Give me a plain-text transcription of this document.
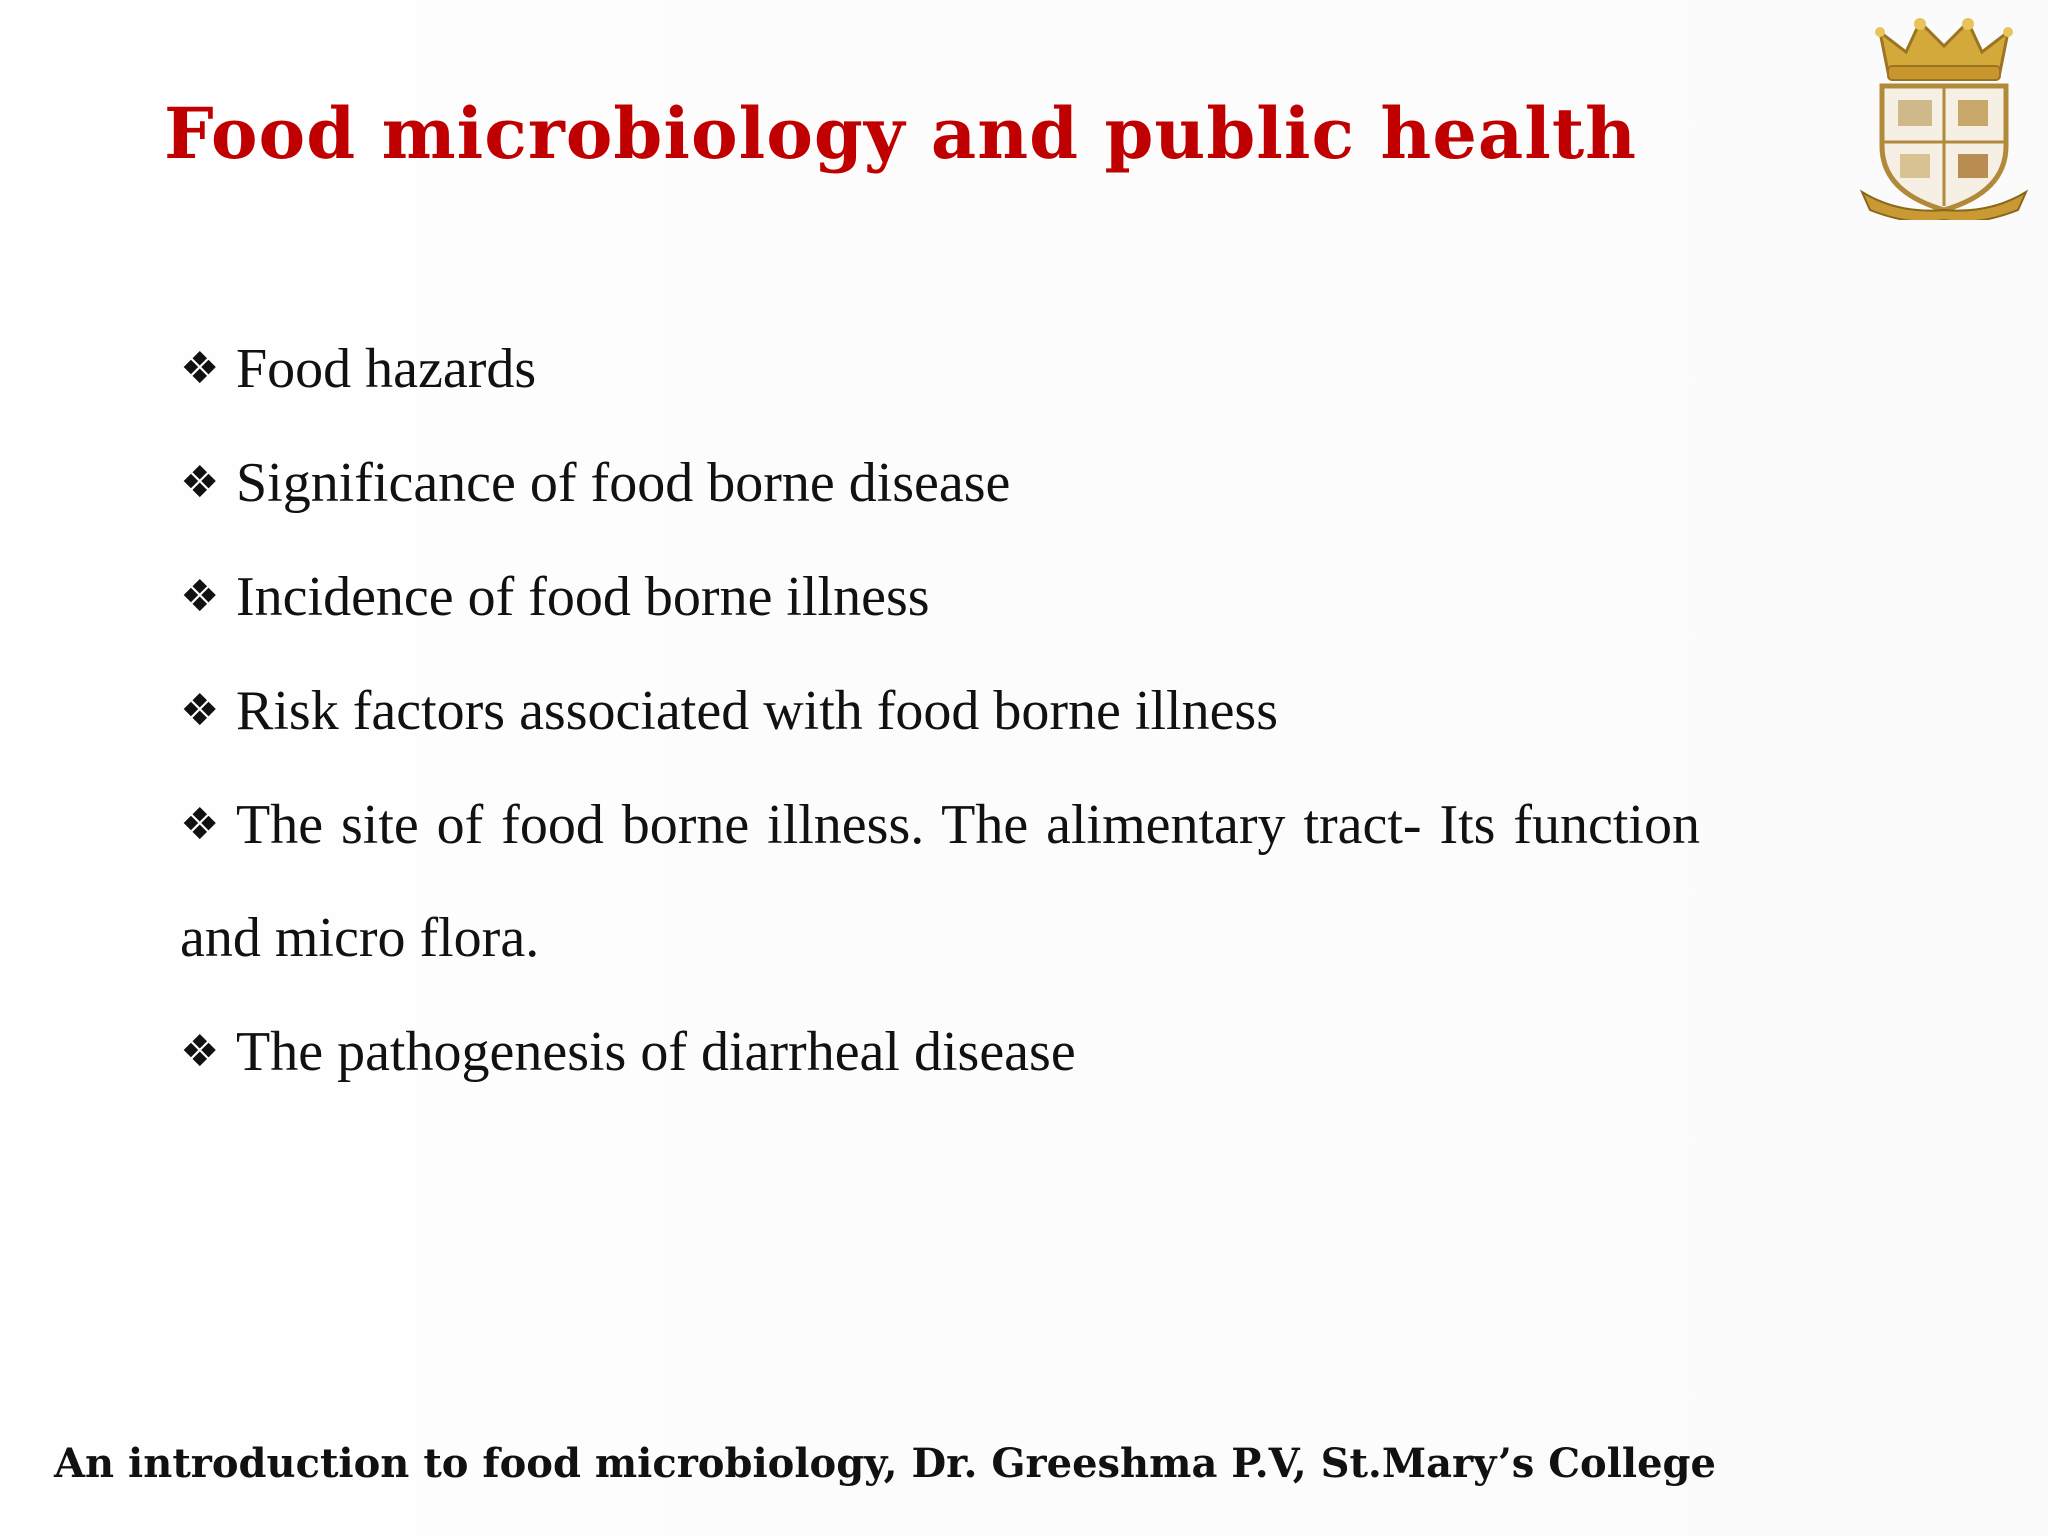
Food microbiology and public health
❖ Food hazards
❖ Significance of food borne disease
❖ Incidence of food borne illness
❖ Risk factors associated with food borne illness
❖ The site of food borne illness. The alimentary tract- Its function and micro flora.
❖ The pathogenesis of diarrheal disease

An introduction to food microbiology, Dr. Greeshma P.V, St.Mary’s College
